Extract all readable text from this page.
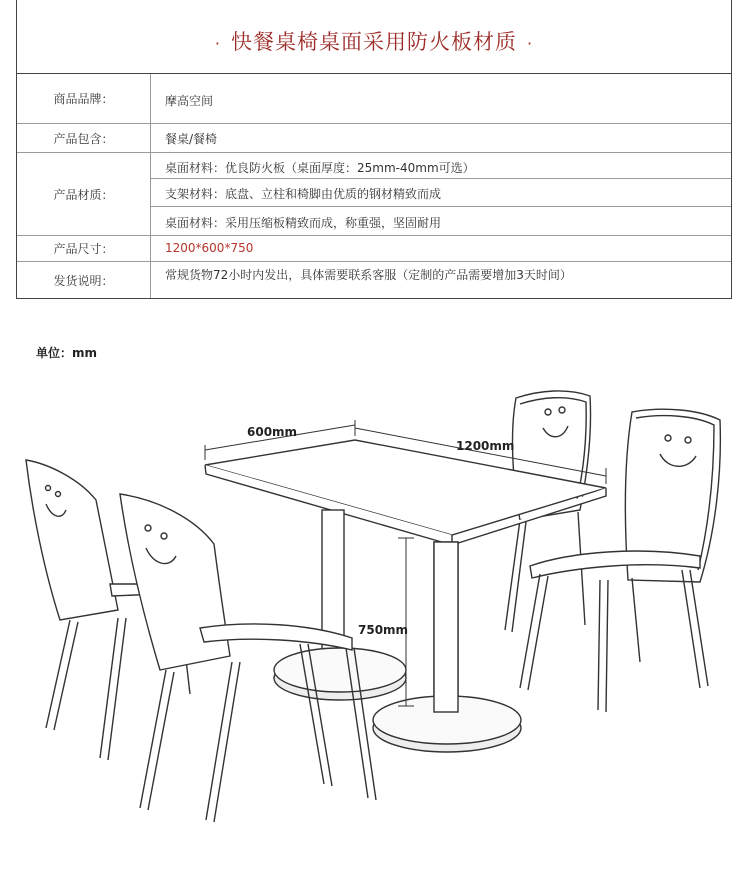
· 快餐桌椅桌面采用防火板材质 ·
商品品牌：	摩高空间
产品包含：	餐桌/餐椅
产品材质：
桌面材料：优良防火板（桌面厚度：25mm-40mm可选）
支架材料：底盘、立柱和椅脚由优质的钢材精致而成
桌面材料：采用压缩板精致而成，称重强，坚固耐用
产品尺寸：	1200*600*750
发货说明：	常规货物72小时内发出，具体需要联系客服（定制的产品需要增加3天时间）
单位：mm
600mm
1200mm
750mm
